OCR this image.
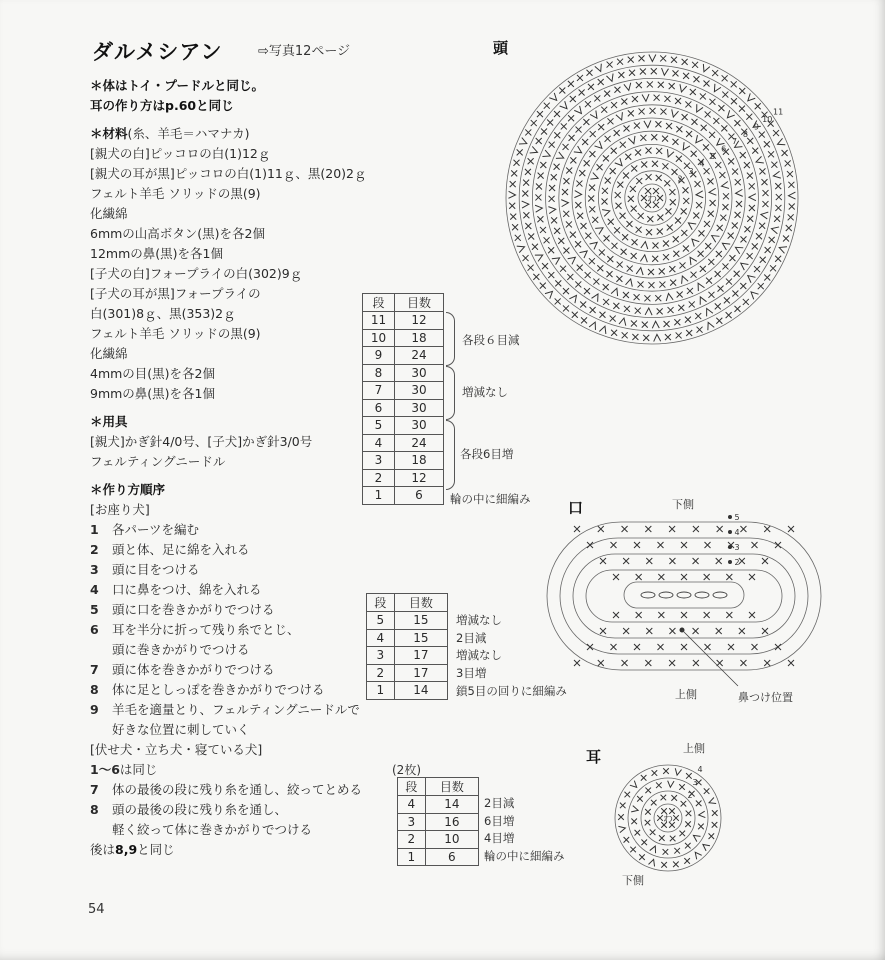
ダルメシアン	⇨写真12ページ
＊体はトイ・プードルと同じ。
耳の作り方はp.60と同じ
＊材料(糸、羊毛＝ハマナカ)
[親犬の白]ピッコロの白(1)12ｇ
[親犬の耳が黒]ピッコロの白(1)11ｇ、黒(20)2ｇ
フェルト羊毛 ソリッドの黒(9)
化繊綿
6mmの山高ボタン(黒)を各2個
12mmの鼻(黒)を各1個
[子犬の白]フォープライの白(302)9ｇ
[子犬の耳が黒]フォープライの
白(301)8ｇ、黒(353)2ｇ
フェルト羊毛 ソリッドの黒(9)
化繊綿
4mmの目(黒)を各2個
9mmの鼻(黒)を各1個
＊用具
[親犬]かぎ針4/0号、[子犬]かぎ針3/0号
フェルティングニードル
＊作り方順序
[お座り犬]
1	各パーツを編む
2	頭と体、足に綿を入れる
3	頭に目をつける
4	口に鼻をつけ、綿を入れる
5	頭に口を巻きかがりでつける
6	耳を半分に折って残り糸でとじ、
頭に巻きかがりでつける
7	頭に体を巻きかがりでつける
8	体に足としっぽを巻きかがりでつける
9	羊毛を適量とり、フェルティングニードルで
好きな位置に刺していく
[伏せ犬・立ち犬・寝ている犬]
1～6 は同じ
7	体の最後の段に残り糸を通し、絞ってとめる
8	頭の最後の段に残り糸を通し、
軽く絞って体に巻きかがりでつける
後は8,9と同じ
54
頭
11
10
9
8
7
6
5
4
3
2
わ
5
4
3
2
4
3
2
わ
段	目数
11	12
10	18
9	24
8	30
7	30
6	30
5	30
4	24
3	18
2	12
1	6
各段６目減
増減なし
各段6目増
輪の中に細編み	口	下側
上側	鼻つけ位置
段	目数
5	15
4	15
3	17
2	17
1	14
増減なし
2目減
増減なし
3目増
鎖5目の回りに細編み
耳	上側
下側
(2枚)
段	目数
4	14
3	16
2	10
1	6
2目減
6目増
4目増
輪の中に細編み
